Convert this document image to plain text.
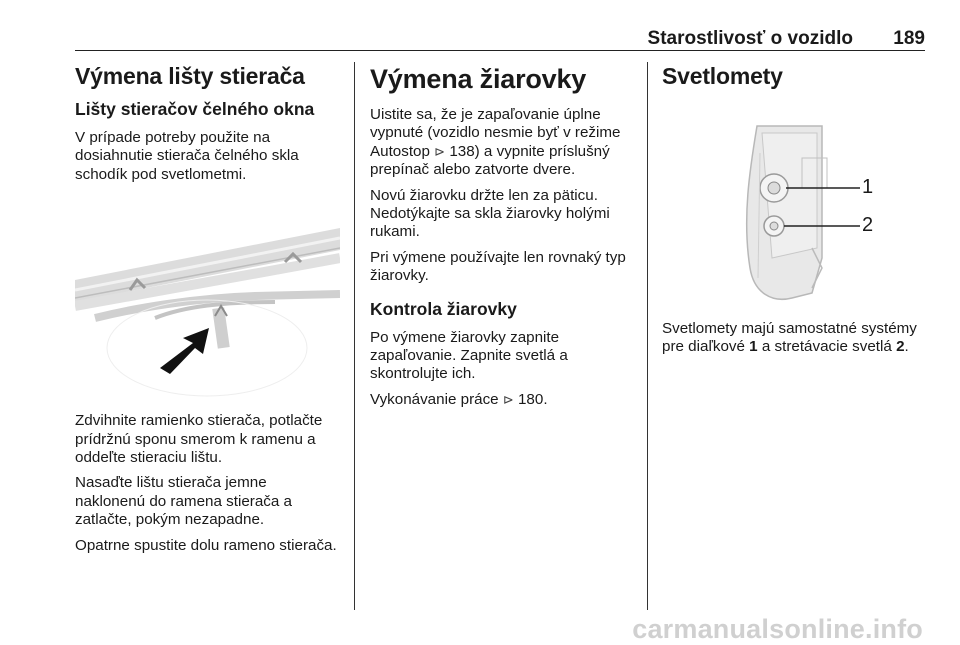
Starostlivosť o vozidlo 189
Výmena lišty stierača
Lišty stieračov čelného okna

V prípade potreby použite na dosiahnutie stierača čelného skla schodík pod svetlometmi.

Zdvihnite ramienko stierača, potlačte prídržnú sponu smerom k ramenu a oddeľte stieraciu lištu.

Nasaďte lištu stierača jemne naklonenú do ramena stierača a zatlačte, pokým nezapadne.

Opatrne spustite dolu rameno stierača.

Výmena žiarovky

Uistite sa, že je zapaľovanie úplne vypnuté (vozidlo nesmie byť v režime Autostop ⊳ 138) a vypnite príslušný prepínač alebo zatvorte dvere.

Novú žiarovku držte len za päticu. Nedotýkajte sa skla žiarovky holými rukami.

Pri výmene používajte len rovnaký typ žiarovky.

Kontrola žiarovky

Po výmene žiarovky zapnite zapaľovanie. Zapnite svetlá a skontrolujte ich.

Vykonávanie práce ⊳ 180.

Svetlomety
1
2

Svetlomety majú samostatné systémy pre diaľkové 1 a stretávacie svetlá 2.

carmanualsonline.info
